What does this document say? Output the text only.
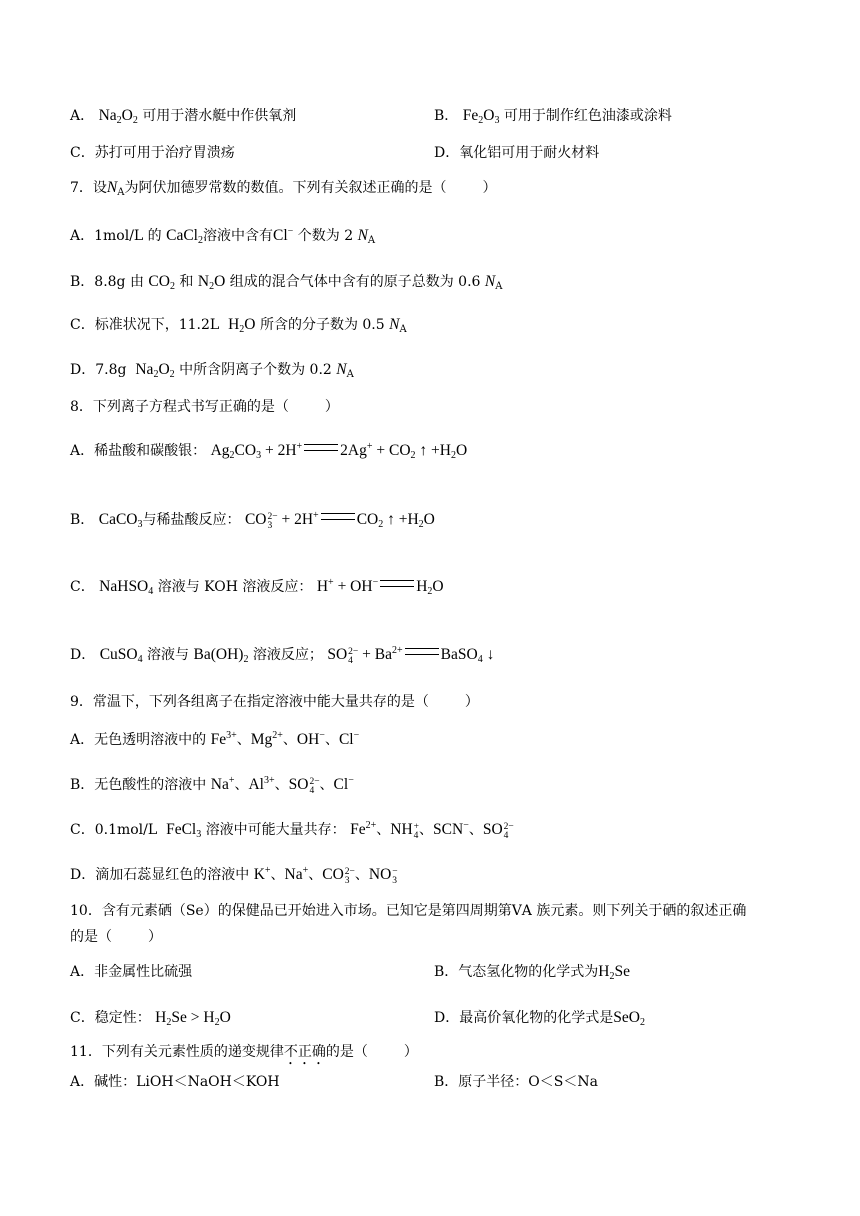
A． $Na_2O_2$ 可用于潜水艇中作供氧剂	B． $Fe_2O_3$ 可用于制作红色油漆或涂料
C．苏打可用于治疗胃溃疡	D．氧化铝可用于耐火材料
7．设$N_A$为阿伏加德罗常数的数值。下列有关叙述正确的是（	）
A．1mol/L 的 CaCl$_2$溶液中含有Cl− 个数为 2 $N_A$
B．8.8g 由 $CO_2$ 和 $N_2O$ 组成的混合气体中含有的原子总数为 0.6 $N_A$
C．标准状况下，11.2L $H_2O$ 所含的分子数为 0.5 $N_A$
D．7.8g $Na_2O_2$ 中所含阴离子个数为 0.2 $N_A$
8．下列离子方程式书写正确的是（	）
A．稀盐酸和碳酸银： $Ag_2CO_3 + 2H^+$ $2Ag^+ + CO_2$ ↑ $+H_2O$
B． CaCO$_3$与稀盐酸反应： CO 2−
3 + 2H+ $CO_2$ ↑ $+H_2O$
C． NaHSO$_4$ 溶液与 KOH 溶液反应： H+ + OH− $H_2O$
D． CuSO$_4$ 溶液与 $Ba(OH)_2$ 溶液反应； SO 2−
$4 + Ba^{2+}$ BaSO$_4$ ↓
9．常温下，下列各组离子在指定溶液中能大量共存的是（	）
A．无色透明溶液中的 $Fe^{3+}$、$Mg^{2+}$、OH−、Cl−
B．无色酸性的溶液中 Na+、$Al^{3+}$、SO 2−
4 、Cl−
C．0.1mol/L FeCl$_3$ 溶液中可能大量共存： $Fe^{2+}$、NH +
4 、SCN−、SO 2−
4
D．滴加石蕊显红色的溶液中 K+、Na+、CO 2−
3 、NO −
3
10．含有元素硒（Se）的保健品已开始进入市场。已知它是第四周期第ⅤA 族元素。则下列关于硒的叙述正确
的是（	）
A．非金属性比硫强	B．气态氢化物的化学式为$H_2Se$
C．稳定性： $H_2Se > H_2O$	D．最高价氧化物的化学式是SeO$_2$
11．下列有关元素性质的递变规律不正确的是（	）
A．碱性：LiOH＜NaOH＜KOH	B．原子半径：O＜S＜Na
